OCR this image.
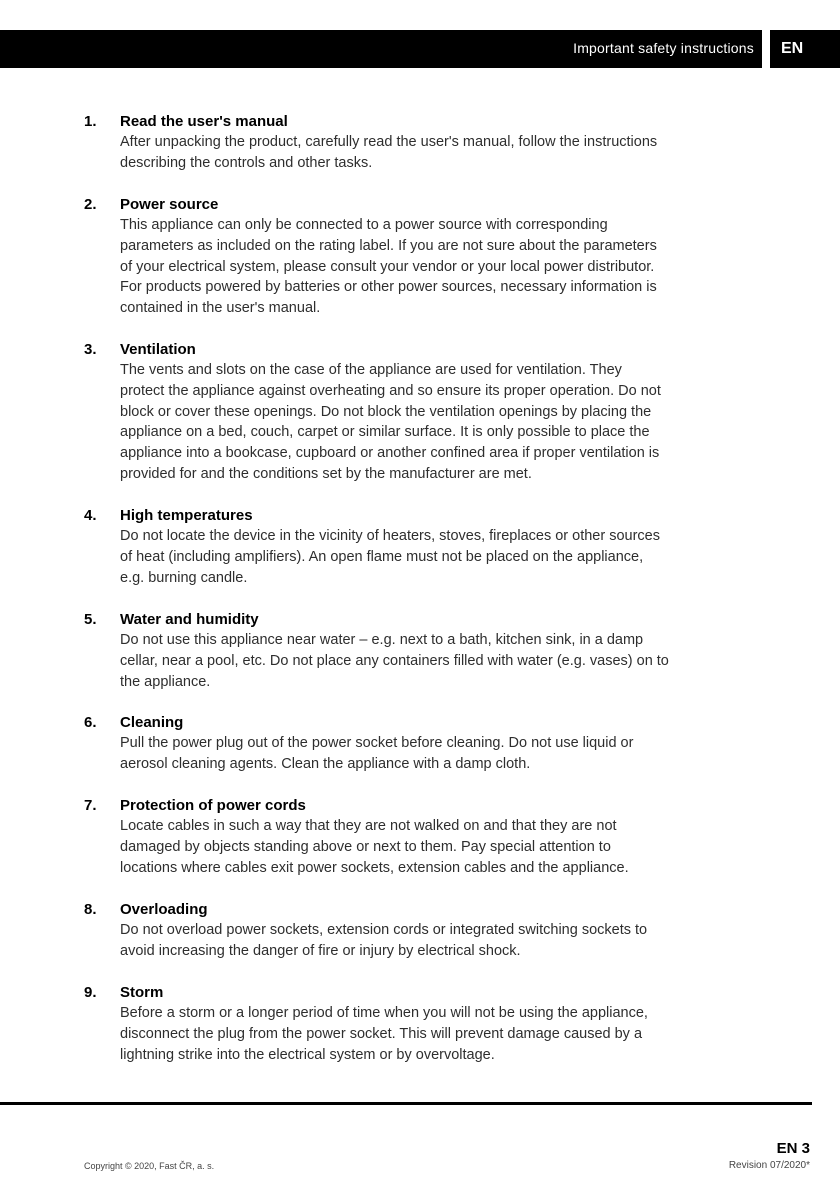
Important safety instructions	EN
1. Read the user's manual
After unpacking the product, carefully read the user's manual, follow the instructions
describing the controls and other tasks.
2. Power source
This appliance can only be connected to a power source with corresponding
parameters as included on the rating label. If you are not sure about the parameters
of your electrical system, please consult your vendor or your local power distributor.
For products powered by batteries or other power sources, necessary information is
contained in the user's manual.
3. Ventilation
The vents and slots on the case of the appliance are used for ventilation. They
protect the appliance against overheating and so ensure its proper operation. Do not
block or cover these openings. Do not block the ventilation openings by placing the
appliance on a bed, couch, carpet or similar surface. It is only possible to place the
appliance into a bookcase, cupboard or another confined area if proper ventilation is
provided for and the conditions set by the manufacturer are met.
4. High temperatures
Do not locate the device in the vicinity of heaters, stoves, fireplaces or other sources
of heat (including amplifiers). An open flame must not be placed on the appliance,
e.g. burning candle.
5. Water and humidity
Do not use this appliance near water – e.g. next to a bath, kitchen sink, in a damp
cellar, near a pool, etc. Do not place any containers filled with water (e.g. vases) on to
the appliance.
6. Cleaning
Pull the power plug out of the power socket before cleaning. Do not use liquid or
aerosol cleaning agents. Clean the appliance with a damp cloth.
7. Protection of power cords
Locate cables in such a way that they are not walked on and that they are not
damaged by objects standing above or next to them. Pay special attention to
locations where cables exit power sockets, extension cables and the appliance.
8. Overloading
Do not overload power sockets, extension cords or integrated switching sockets to
avoid increasing the danger of fire or injury by electrical shock.
9. Storm
Before a storm or a longer period of time when you will not be using the appliance,
disconnect the plug from the power socket. This will prevent damage caused by a
lightning strike into the electrical system or by overvoltage.
EN 3
Copyright © 2020, Fast ČR, a. s.	Revision 07/2020*
